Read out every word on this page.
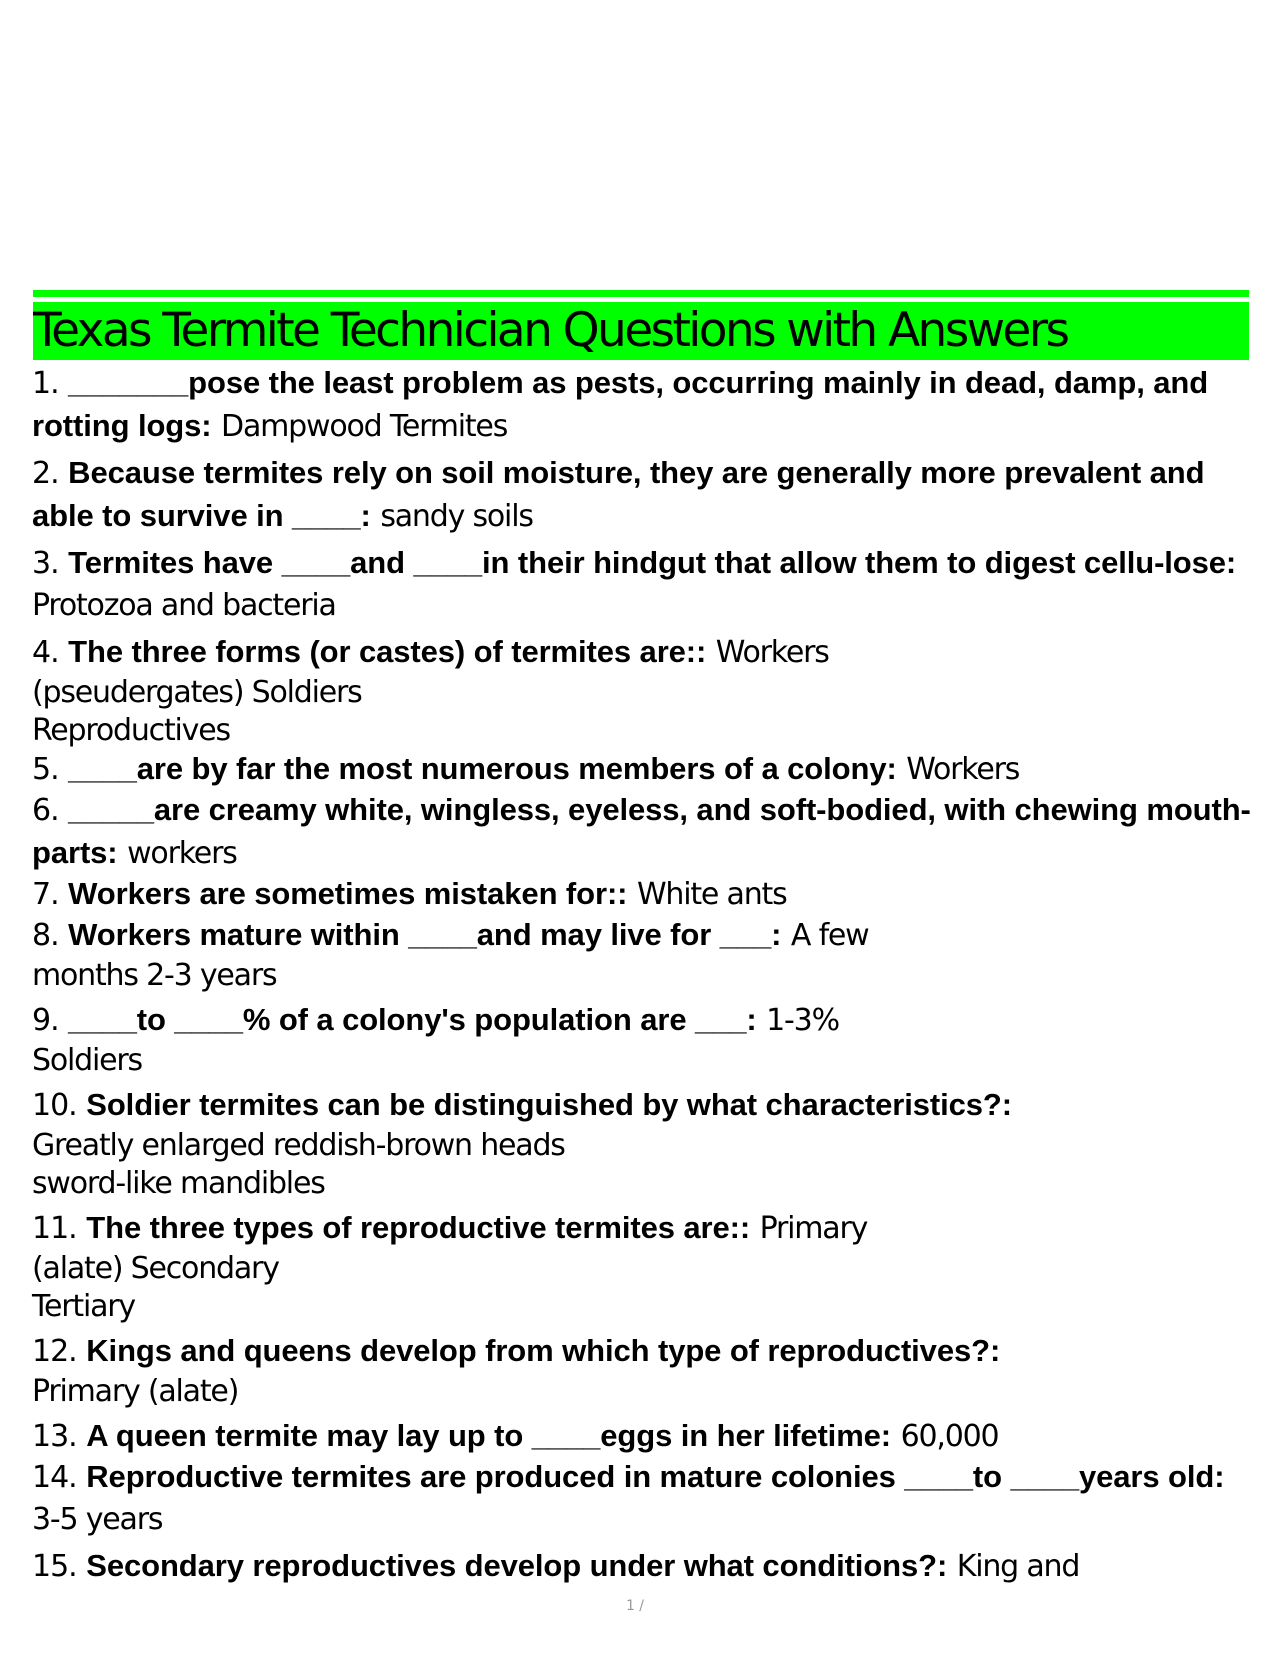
Texas Termite Technician Questions with Answers
1. _______pose the least problem as pests, occurring mainly in dead, damp, and rotting logs: Dampwood Termites
2. Because termites rely on soil moisture, they are generally more prevalent and able to survive in ____: sandy soils
3. Termites have ____and ____in their hindgut that allow them to digest cellu-lose: Protozoa and bacteria
4. The three forms (or castes) of termites are:: Workers
(pseudergates) Soldiers
Reproductives
5. ____are by far the most numerous members of a colony: Workers
6. _____are creamy white, wingless, eyeless, and soft-bodied, with chewing mouth-parts: workers
7. Workers are sometimes mistaken for:: White ants
8. Workers mature within ____and may live for ___: A few
months 2-3 years
9. ____to ____% of a colony's population are ___: 1-3%
Soldiers
10. Soldier termites can be distinguished by what characteristics?:
Greatly enlarged reddish-brown heads
sword-like mandibles
11. The three types of reproductive termites are:: Primary
(alate) Secondary
Tertiary
12. Kings and queens develop from which type of reproductives?:
Primary (alate)
13. A queen termite may lay up to ____eggs in her lifetime: 60,000
14. Reproductive termites are produced in mature colonies ____to ____years old: 3-5 years
15. Secondary reproductives develop under what conditions?: King and
1 /
